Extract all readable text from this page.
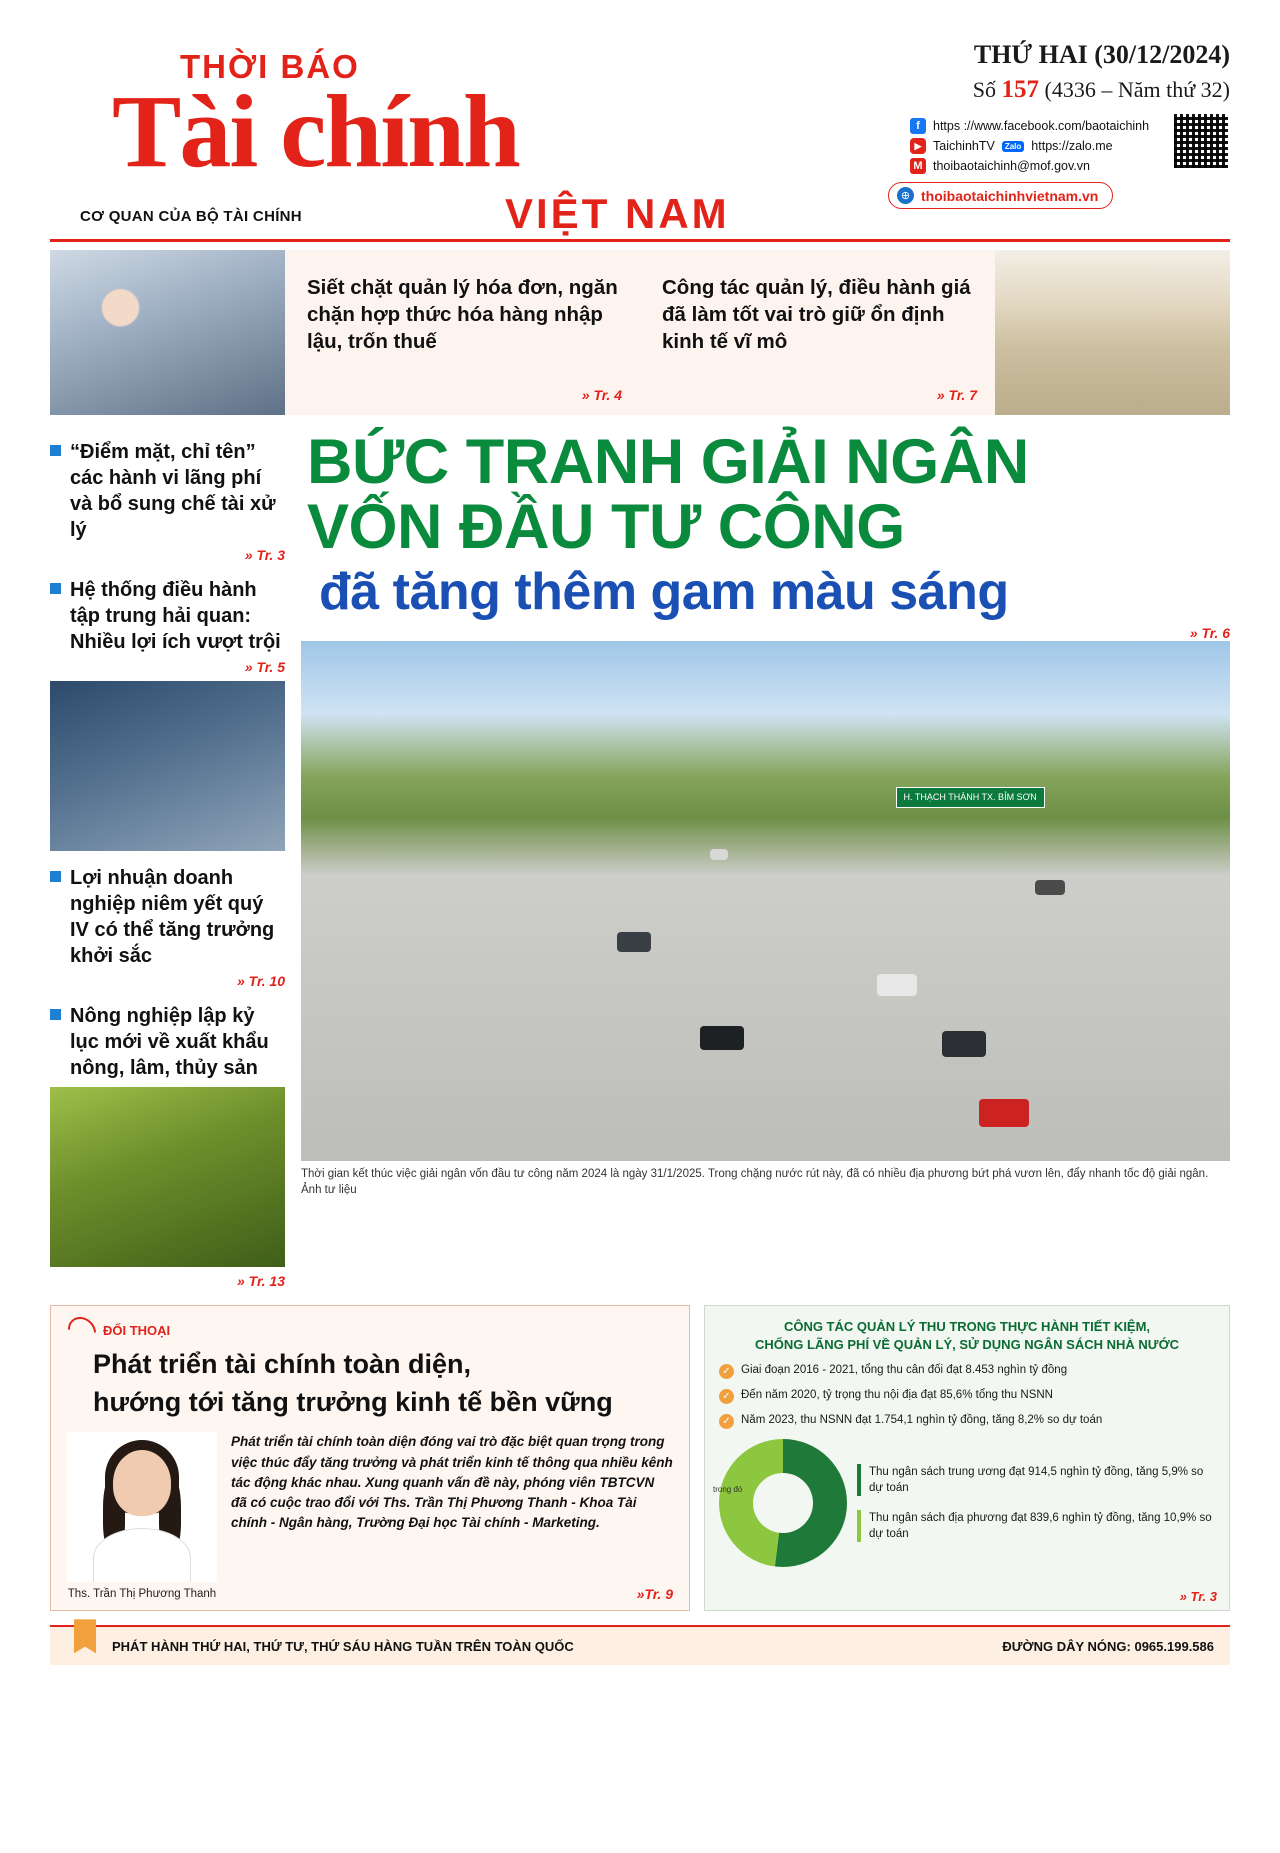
THỜI BÁO
Tài chính
CƠ QUAN CỦA BỘ TÀI CHÍNH	VIỆT NAM
THỨ HAI (30/12/2024)
Số 157 (4336 – Năm thứ 32)
f	https ://www.facebook.com/baotaichinh
▶ TaichinhTV	Zalo https://zalo.me
M thoibaotaichinh@mof.gov.vn
⊕ thoibaotaichinhvietnam.vn
Siết chặt quản lý hóa đơn, ngăn chặn hợp thức hóa hàng nhập lậu, trốn thuế
» Tr. 4
Công tác quản lý, điều hành giá đã làm tốt vai trò giữ ổn định kinh tế vĩ mô
» Tr. 7
“Điểm mặt, chỉ tên” các hành vi lãng phí và bổ sung chế tài xử lý
» Tr. 3
Hệ thống điều hành tập trung hải quan: Nhiều lợi ích vượt trội
» Tr. 5
Lợi nhuận doanh nghiệp niêm yết quý IV có thể tăng trưởng khởi sắc
» Tr. 10
Nông nghiệp lập kỷ lục mới về xuất khẩu nông, lâm, thủy sản
» Tr. 13
BỨC TRANH GIẢI NGÂN
VỐN ĐẦU TƯ CÔNG
đã tăng thêm gam màu sáng
» Tr. 6
H. THẠCH THÀNH TX. BỈM SƠN
Thời gian kết thúc việc giải ngân vốn đầu tư công năm 2024 là ngày 31/1/2025. Trong chặng nước rút này, đã có nhiều địa phương bứt phá vươn lên, đẩy nhanh tốc độ giải ngân. Ảnh tư liệu
ĐỐI THOẠI
Phát triển tài chính toàn diện,
hướng tới tăng trưởng kinh tế bền vững
Ths. Trần Thị Phương Thanh
Phát triển tài chính toàn diện đóng vai trò đặc biệt quan trọng trong việc thúc đẩy tăng trưởng và phát triển kinh tế thông qua nhiều kênh tác động khác nhau. Xung quanh vấn đề này, phóng viên TBTCVN đã có cuộc trao đổi với Ths. Trần Thị Phương Thanh - Khoa Tài chính - Ngân hàng, Trường Đại học Tài chính - Marketing.
»Tr. 9
CÔNG TÁC QUẢN LÝ THU TRONG THỰC HÀNH TIẾT KIỆM,
CHỐNG LÃNG PHÍ VỀ QUẢN LÝ, SỬ DỤNG NGÂN SÁCH NHÀ NƯỚC
✓ Giai đoạn 2016 - 2021, tổng thu cân đối đạt 8.453 nghìn tỷ đồng
✓ Đến năm 2020, tỷ trọng thu nội địa đạt 85,6% tổng thu NSNN
✓ Năm 2023, thu NSNN đạt 1.754,1 nghìn tỷ đồng, tăng 8,2% so dự toán
trong đó
Thu ngân sách trung ương đạt 914,5 nghìn tỷ đồng, tăng 5,9% so dự toán
Thu ngân sách địa phương đạt 839,6 nghìn tỷ đồng, tăng 10,9% so dự toán
» Tr. 3
PHÁT HÀNH THỨ HAI, THỨ TƯ, THỨ SÁU HÀNG TUẦN TRÊN TOÀN QUỐC	ĐƯỜNG DÂY NÓNG: 0965.199.586
